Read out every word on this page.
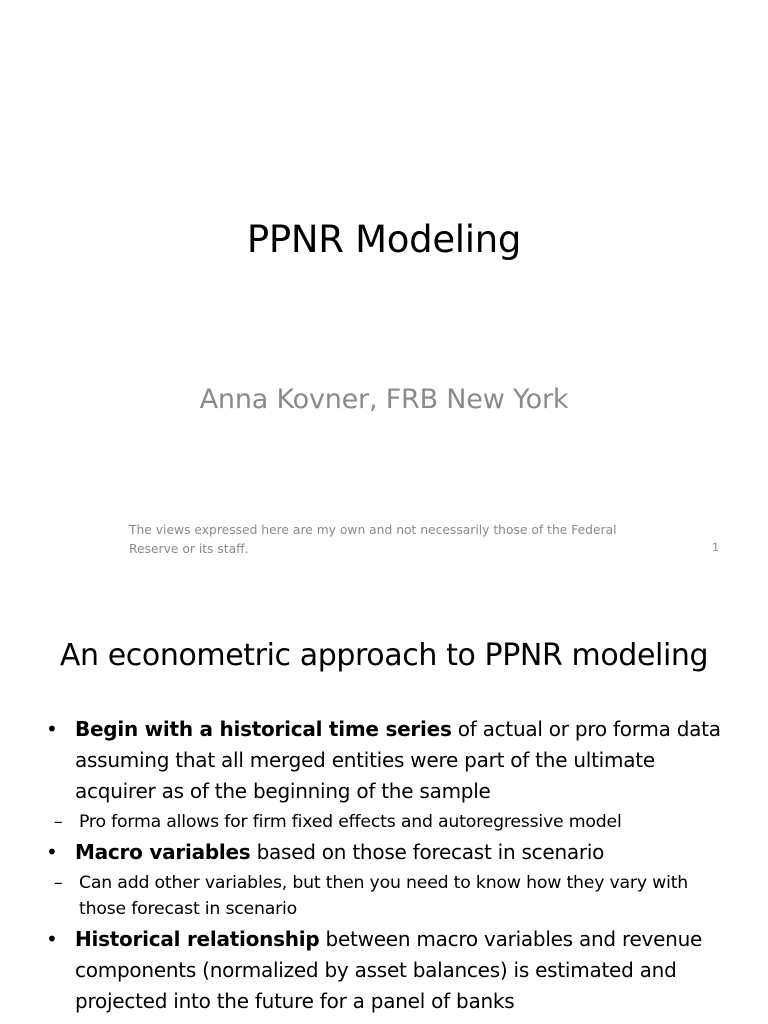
PPNR Modeling
Anna Kovner, FRB New York
The views expressed here are my own and not necessarily those of the Federal Reserve or its staff.	1
An econometric approach to PPNR modeling
• Begin with a historical time series of actual or pro forma data assuming that all merged entities were part of the ultimate acquirer as of the beginning of the sample
– Pro forma allows for firm fixed effects and autoregressive model
• Macro variables based on those forecast in scenario
– Can add other variables, but then you need to know how they vary with those forecast in scenario
• Historical relationship between macro variables and revenue components (normalized by asset balances) is estimated and projected into the future for a panel of banks
